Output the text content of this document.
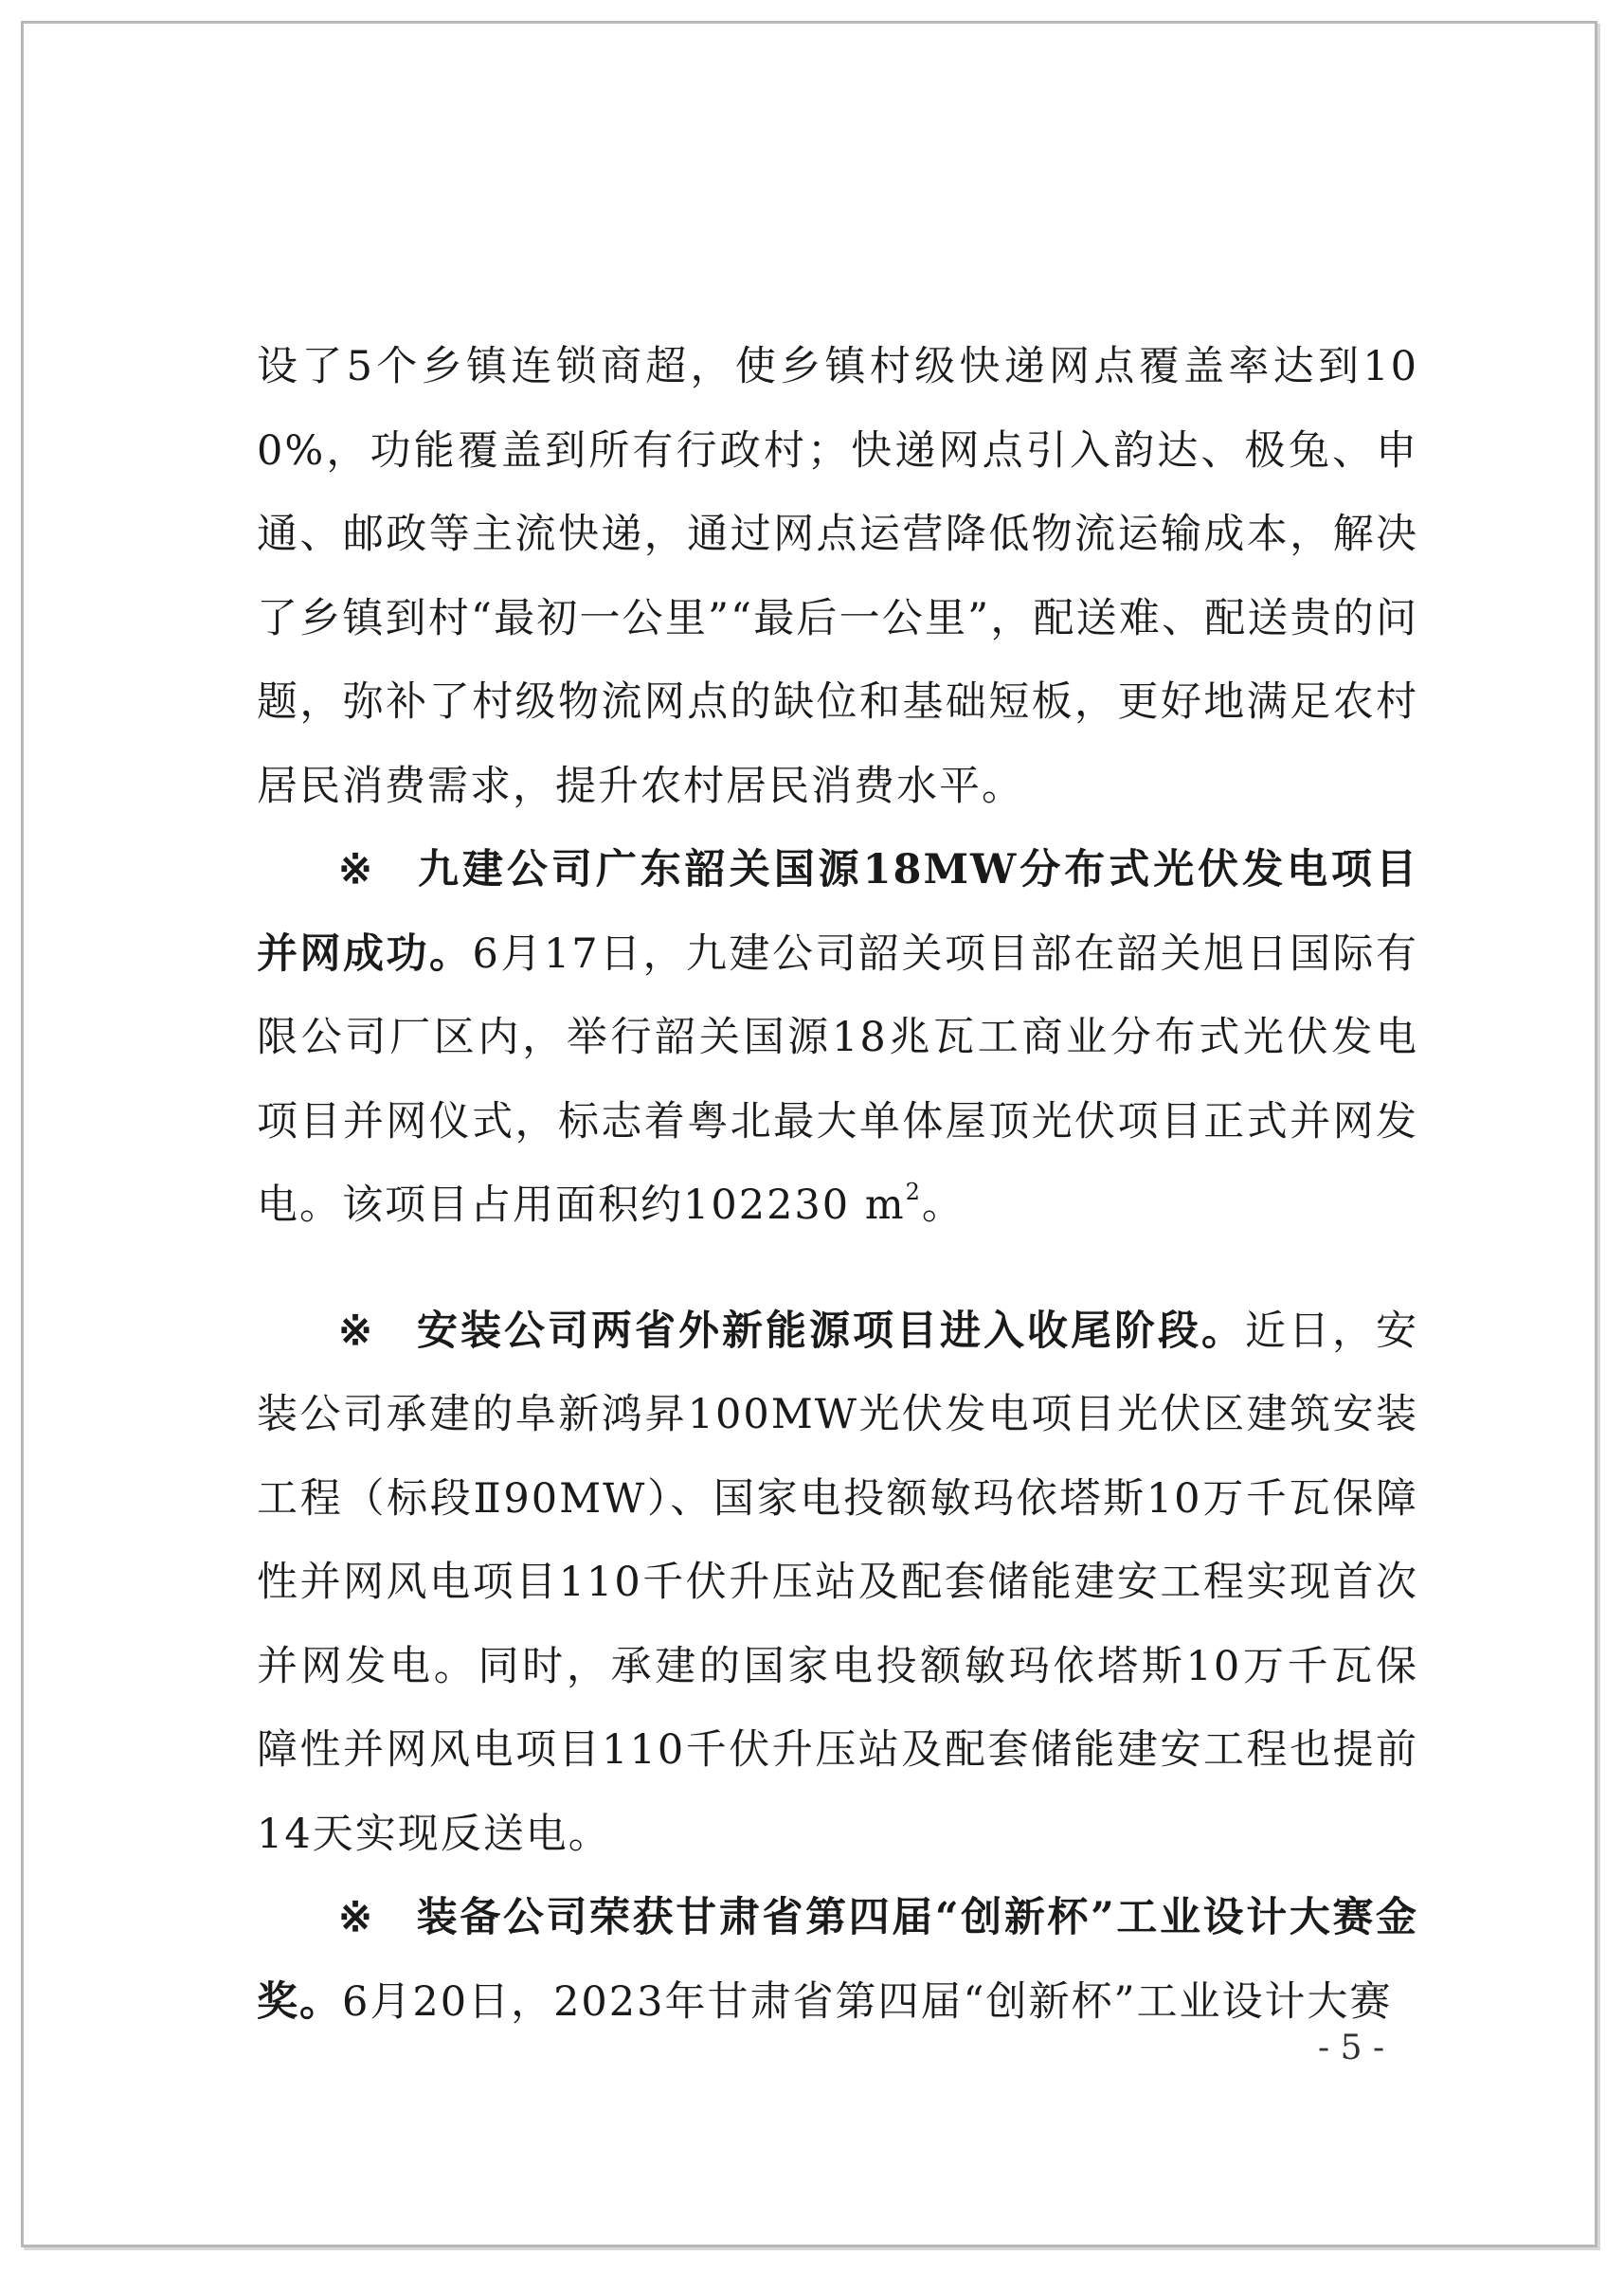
设了5个乡镇连锁商超，使乡镇村级快递网点覆盖率达到100%，功能覆盖到所有行政村；快递网点引入韵达、极兔、申通、邮政等主流快递，通过网点运营降低物流运输成本，解决了乡镇到村“最初一公里”“最后一公里”，配送难、配送贵的问题，弥补了村级物流网点的缺位和基础短板，更好地满足农村居民消费需求，提升农村居民消费水平。

※ 九建公司广东韶关国源18MW分布式光伏发电项目并网成功。6月17日，九建公司韶关项目部在韶关旭日国际有限公司厂区内，举行韶关国源18兆瓦工商业分布式光伏发电项目并网仪式，标志着粤北最大单体屋顶光伏项目正式并网发电。该项目占用面积约102230 $m^2$。

※ 安装公司两省外新能源项目进入收尾阶段。近日，安装公司承建的阜新鸿昇100MW光伏发电项目光伏区建筑安装工程（标段Ⅱ90MW）、国家电投额敏玛依塔斯10万千瓦保障性并网风电项目110千伏升压站及配套储能建安工程实现首次并网发电。同时，承建的国家电投额敏玛依塔斯10万千瓦保障性并网风电项目110千伏升压站及配套储能建安工程也提前14天实现反送电。

※ 装备公司荣获甘肃省第四届“创新杯”工业设计大赛金奖。6月20日，2023年甘肃省第四届“创新杯”工业设计大赛

- 5 -
